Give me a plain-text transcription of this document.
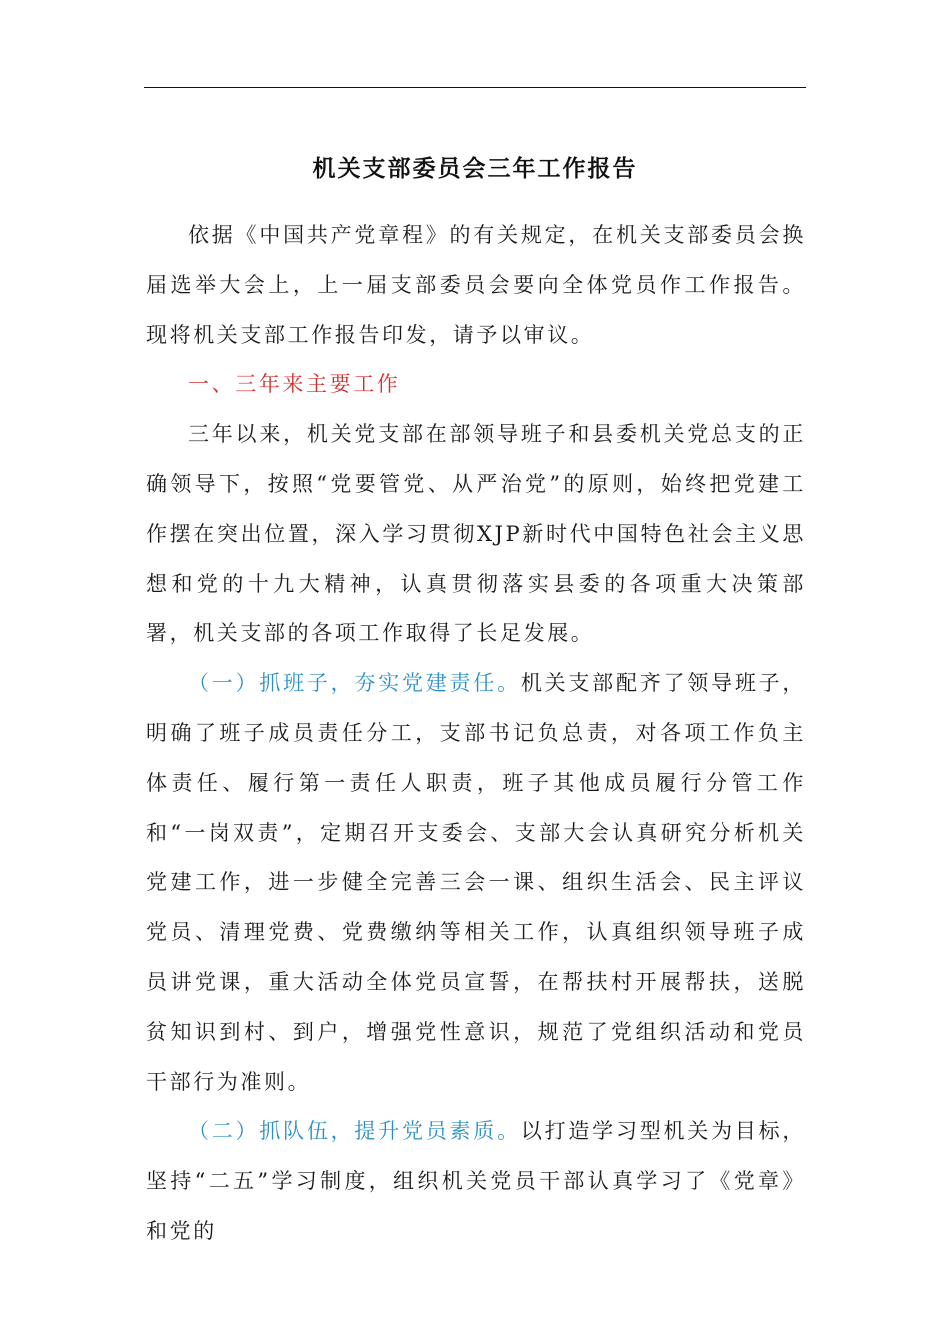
机关支部委员会三年工作报告

依据《中国共产党章程》的有关规定，在机关支部委员会换届选举大会上，上一届支部委员会要向全体党员作工作报告。现将机关支部工作报告印发，请予以审议。

一、三年来主要工作

三年以来，机关党支部在部领导班子和县委机关党总支的正确领导下，按照“党要管党、从严治党”的原则，始终把党建工作摆在突出位置，深入学习贯彻XJP新时代中国特色社会主义思想和党的十九大精神，认真贯彻落实县委的各项重大决策部署，机关支部的各项工作取得了长足发展。

（一）抓班子，夯实党建责任。机关支部配齐了领导班子，明确了班子成员责任分工，支部书记负总责，对各项工作负主体责任、履行第一责任人职责，班子其他成员履行分管工作和“一岗双责”，定期召开支委会、支部大会认真研究分析机关党建工作，进一步健全完善三会一课、组织生活会、民主评议党员、清理党费、党费缴纳等相关工作，认真组织领导班子成员讲党课，重大活动全体党员宣誓，在帮扶村开展帮扶，送脱贫知识到村、到户，增强党性意识，规范了党组织活动和党员干部行为准则。

（二）抓队伍，提升党员素质。以打造学习型机关为目标，坚持“二五”学习制度，组织机关党员干部认真学习了《党章》和党的
